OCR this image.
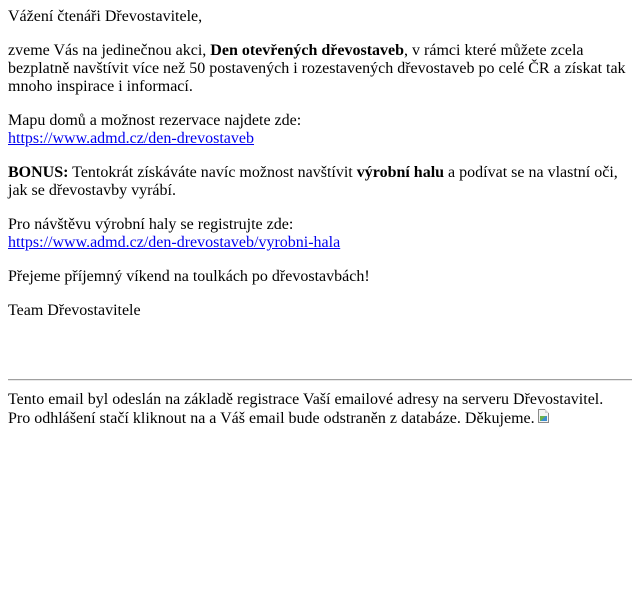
Vážení čtenáři Dřevostavitele,

zveme Vás na jedinečnou akci, Den otevřených dřevostaveb, v rámci které můžete zcela bezplatně navštívit více než 50 postavených i rozestavených dřevostaveb po celé ČR a získat tak mnoho inspirace i informací.

Mapu domů a možnost rezervace najdete zde:
https://www.admd.cz/den-drevostaveb

BONUS: Tentokrát získáváte navíc možnost navštívit výrobní halu a podívat se na vlastní oči, jak se dřevostavby vyrábí.

Pro návštěvu výrobní haly se registrujte zde:
https://www.admd.cz/den-drevostaveb/vyrobni-hala

Přejeme příjemný víkend na toulkách po dřevostavbách!

Team Dřevostavitele

Tento email byl odeslán na základě registrace Vaší emailové adresy na serveru Dřevostavitel.
Pro odhlášení stačí kliknout na a Váš email bude odstraněn z databáze. Děkujeme.
